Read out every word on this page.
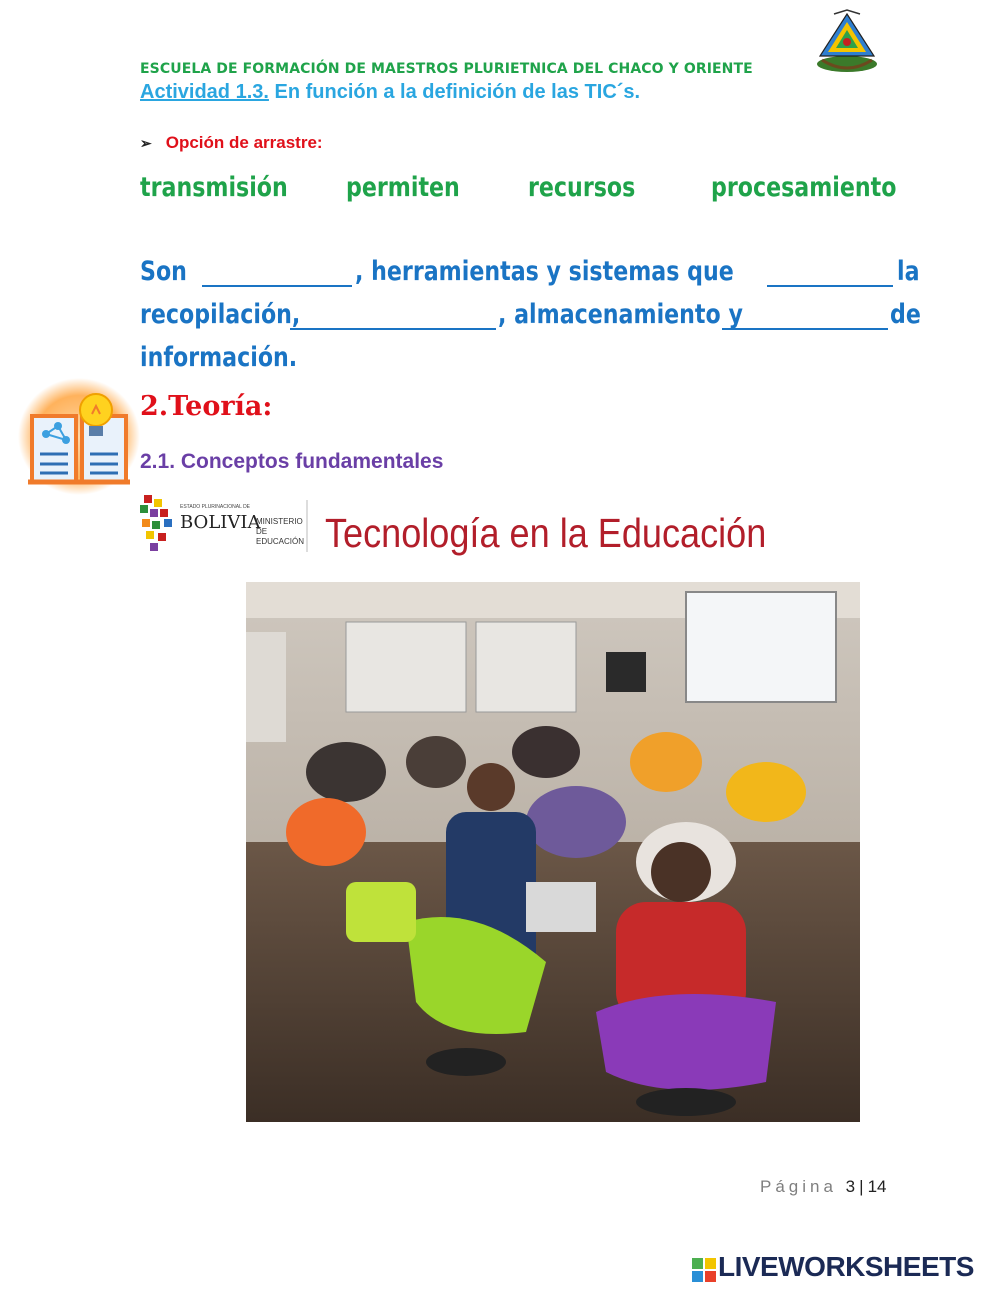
ESCUELA DE FORMACIÓN DE MAESTROS PLURIETNICA DEL CHACO Y ORIENTE
Actividad 1.3. En función a la definición de las TIC´s.
➢ Opción de arrastre:
transmisión permiten	recursos	procesamiento
Son	, herramientas y sistemas que	la
recopilación,	, almacenamiento y	de
información.
2.Teoría:
2.1. Conceptos fundamentales
ESTADO PLURINACIONAL DE
BOLIVIA
MINISTERIO DE EDUCACIÓN Tecnología en la Educación
Página 3 | 14
LIVEWORKSHEETS
